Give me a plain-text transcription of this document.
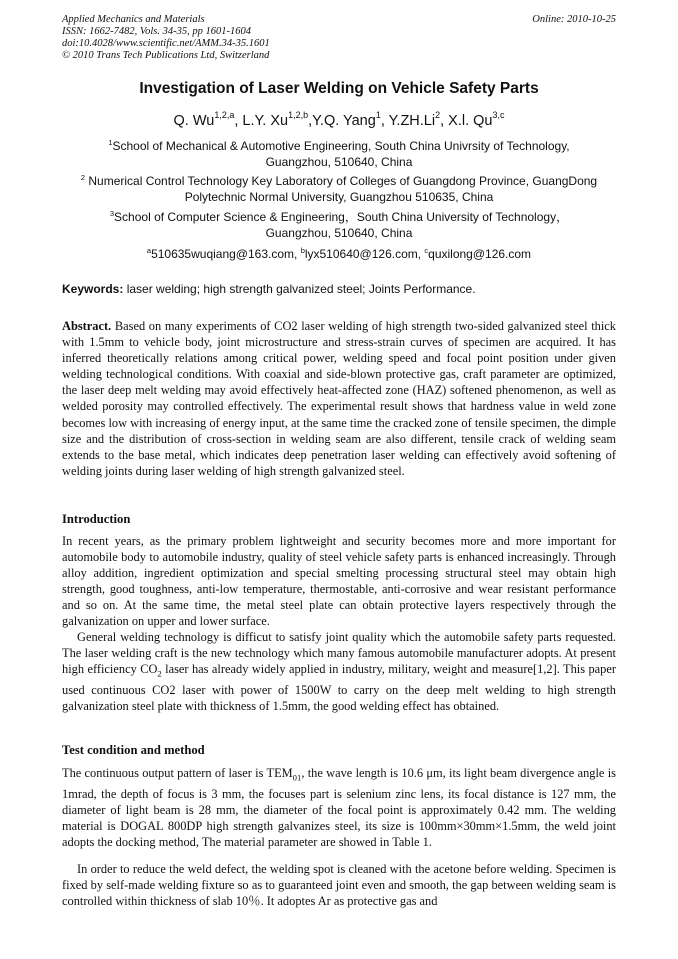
Applied Mechanics and Materials
ISSN: 1662-7482, Vols. 34-35, pp 1601-1604
doi:10.4028/www.scientific.net/AMM.34-35.1601
© 2010 Trans Tech Publications Ltd, Switzerland
Online: 2010-10-25
Investigation of Laser Welding on Vehicle Safety Parts
Q. Wu$^{1,2,a}$, L.Y. Xu$^{1,2,b}$,Y.Q. Yang$^1$, Y.ZH.Li$^2$, X.l. Qu$^{3,c}$
$^1$School of Mechanical & Automotive Engineering, South China Univrsity of Technology,
Guangzhou, 510640, China
$^2$ Numerical Control Technology Key Laboratory of Colleges of Guangdong Province, GuangDong
Polytechnic Normal University, Guangzhou 510635, China
$^3$School of Computer Science & Engineering，South China University of Technology，
Guangzhou, 510640, China
$^a$510635wuqiang@163.com, $^b$lyx510640@126.com, $^c$quxilong@126.com
Keywords: laser welding; high strength galvanized steel; Joints Performance.
Abstract. Based on many experiments of CO2 laser welding of high strength two-sided galvanized steel thick with 1.5mm to vehicle body, joint microstructure and stress-strain curves of specimen are acquired. It has inferred theoretically relations among critical power, welding speed and focal point position under given welding technological conditions. With coaxial and side-blown protective gas, craft parameter are optimized, the laser deep melt welding may avoid effectively heat-affected zone (HAZ) softened phenomenon, as well as welded porosity may controlled effectively. The experimental result shows that hardness value in weld zone becomes low with increasing of energy input, at the same time the cracked zone of tensile specimen, the dimple size and the distribution of cross-section in welding seam are also different, tensile crack of welding seam extends to the base metal, which indicates deep penetration laser welding can effectively avoid softening of welding joints during laser welding of high strength galvanized steel.
Introduction
In recent years, as the primary problem lightweight and security becomes more and more important for automobile body to automobile industry, quality of steel vehicle safety parts is enhanced increasingly. Through alloy addition, ingredient optimization and special smelting processing structural steel may obtain high strength, good toughness, anti-low temperature, thermostable, anti-corrosive and wear resistant performance and so on. At the same time, the metal steel plate can obtain protective layers respectively through the galvanization on upper and lower surface.
General welding technology is difficut to satisfy joint quality which the automobile safety parts requested. The laser welding craft is the new technology which many famous automobile manufacturer adopts. At present high efficiency $CO_2$ laser has already widely applied in industry, military, weight and measure[1,2]. This paper used continuous CO2 laser with power of 1500W to carry on the deep melt welding to high strength galvanization steel plate with thickness of 1.5mm, the good welding effect has obtained.
Test condition and method
The continuous output pattern of laser is $TEM_{01}$, the wave length is 10.6 μm, its light beam divergence angle is 1mrad, the depth of focus is 3 mm, the focuses part is selenium zinc lens, its focal distance is 127 mm, the diameter of light beam is 28 mm, the diameter of the focal point is approximately 0.42 mm. The welding material is DOGAL 800DP high strength galvanizes steel, its size is 100mm×30mm×1.5mm, the weld joint adopts the docking method, The material parameter are showed in Table 1.
In order to reduce the weld defect, the welding spot is cleaned with the acetone before welding. Specimen is fixed by self-made welding fixture so as to guaranteed joint even and smooth, the gap between welding seam is controlled within thickness of slab 10％. It adoptes Ar as protective gas and
